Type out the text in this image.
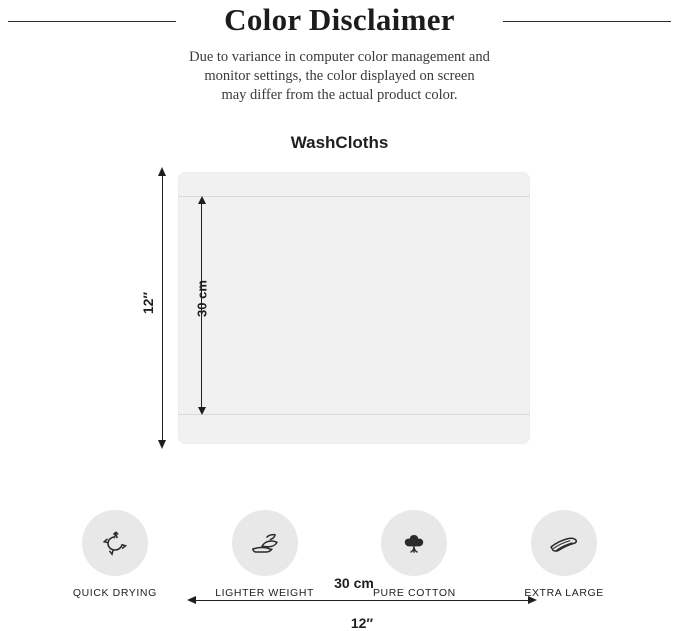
Color Disclaimer
Due to variance in computer color management and
monitor settings, the color displayed on screen
may differ from the actual product color.
WashCloths
12″	30 cm
30 cm
12″
QUICK DRYING	LIGHTER WEIGHT	PURE COTTON	EXTRA LARGE
